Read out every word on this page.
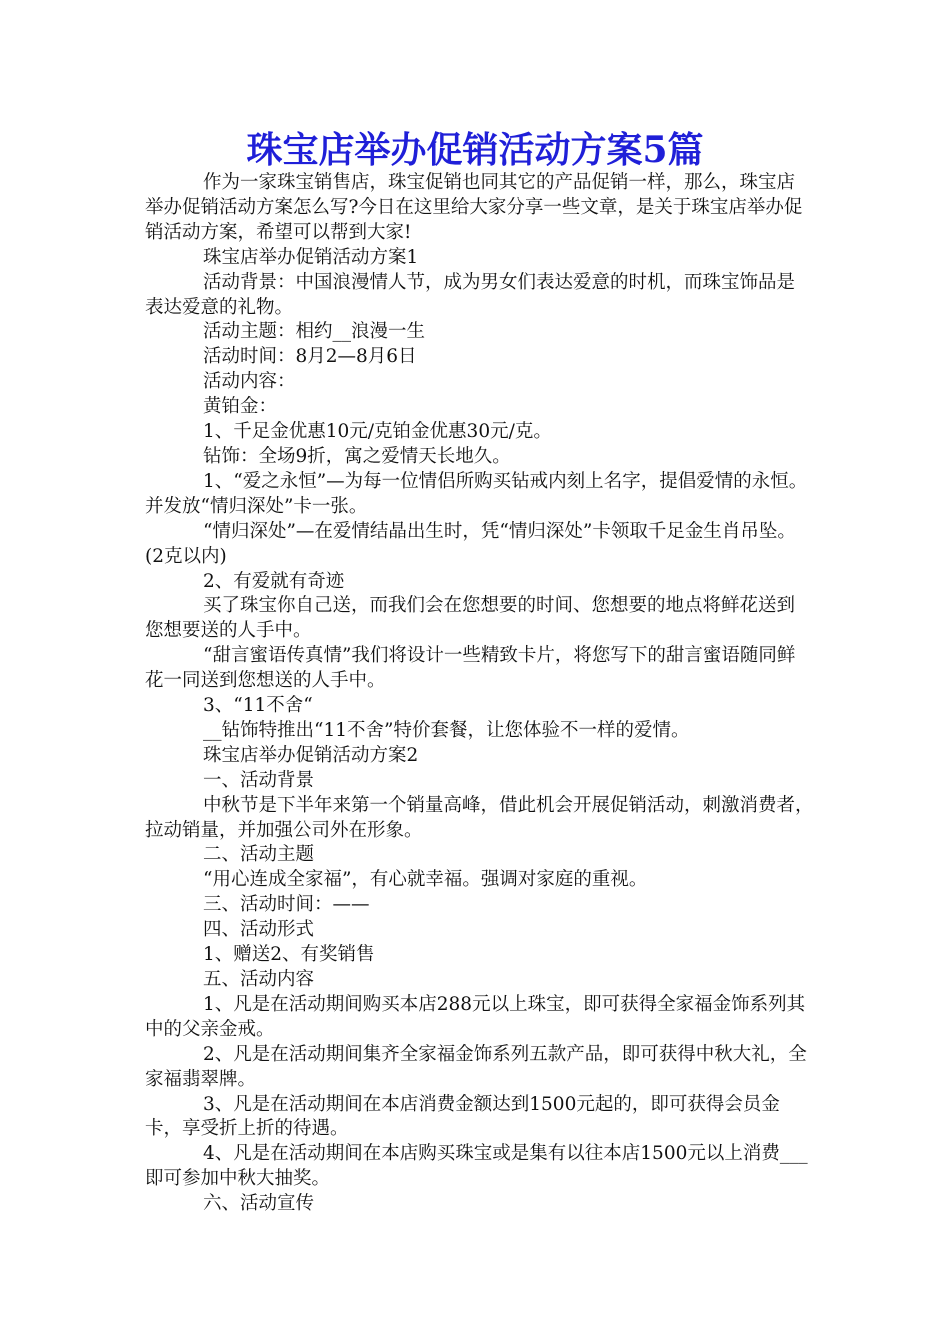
珠宝店举办促销活动方案5篇

作为一家珠宝销售店，珠宝促销也同其它的产品促销一样，那么，珠宝店举办促销活动方案怎么写?今日在这里给大家分享一些文章，是关于珠宝店举办促销活动方案，希望可以帮到大家!

珠宝店举办促销活动方案1

活动背景：中国浪漫情人节，成为男女们表达爱意的时机，而珠宝饰品是表达爱意的礼物。

活动主题：相约__浪漫一生

活动时间：8月2—8月6日

活动内容：

黄铂金：

1、千足金优惠10元/克铂金优惠30元/克。

钻饰：全场9折，寓之爱情天长地久。

1、“爱之永恒”—为每一位情侣所购买钻戒内刻上名字，提倡爱情的永恒。并发放“情归深处”卡一张。

“情归深处”—在爱情结晶出生时，凭“情归深处”卡领取千足金生肖吊坠。(2克以内)

2、有爱就有奇迹

买了珠宝你自己送，而我们会在您想要的时间、您想要的地点将鲜花送到您想要送的人手中。

“甜言蜜语传真情”我们将设计一些精致卡片，将您写下的甜言蜜语随同鲜花一同送到您想送的人手中。

3、“11不舍“

__钻饰特推出“11不舍”特价套餐，让您体验不一样的爱情。

珠宝店举办促销活动方案2

一、活动背景

中秋节是下半年来第一个销量高峰，借此机会开展促销活动，刺激消费者，拉动销量，并加强公司外在形象。

二、活动主题

“用心连成全家福”，有心就幸福。强调对家庭的重视。

三、活动时间：——

四、活动形式

1、赠送2、有奖销售

五、活动内容

1、凡是在活动期间购买本店288元以上珠宝，即可获得全家福金饰系列其中的父亲金戒。

2、凡是在活动期间集齐全家福金饰系列五款产品，即可获得中秋大礼，全家福翡翠牌。

3、凡是在活动期间在本店消费金额达到1500元起的，即可获得会员金卡，享受折上折的待遇。

4、凡是在活动期间在本店购买珠宝或是集有以往本店1500元以上消费___即可参加中秋大抽奖。

六、活动宣传
